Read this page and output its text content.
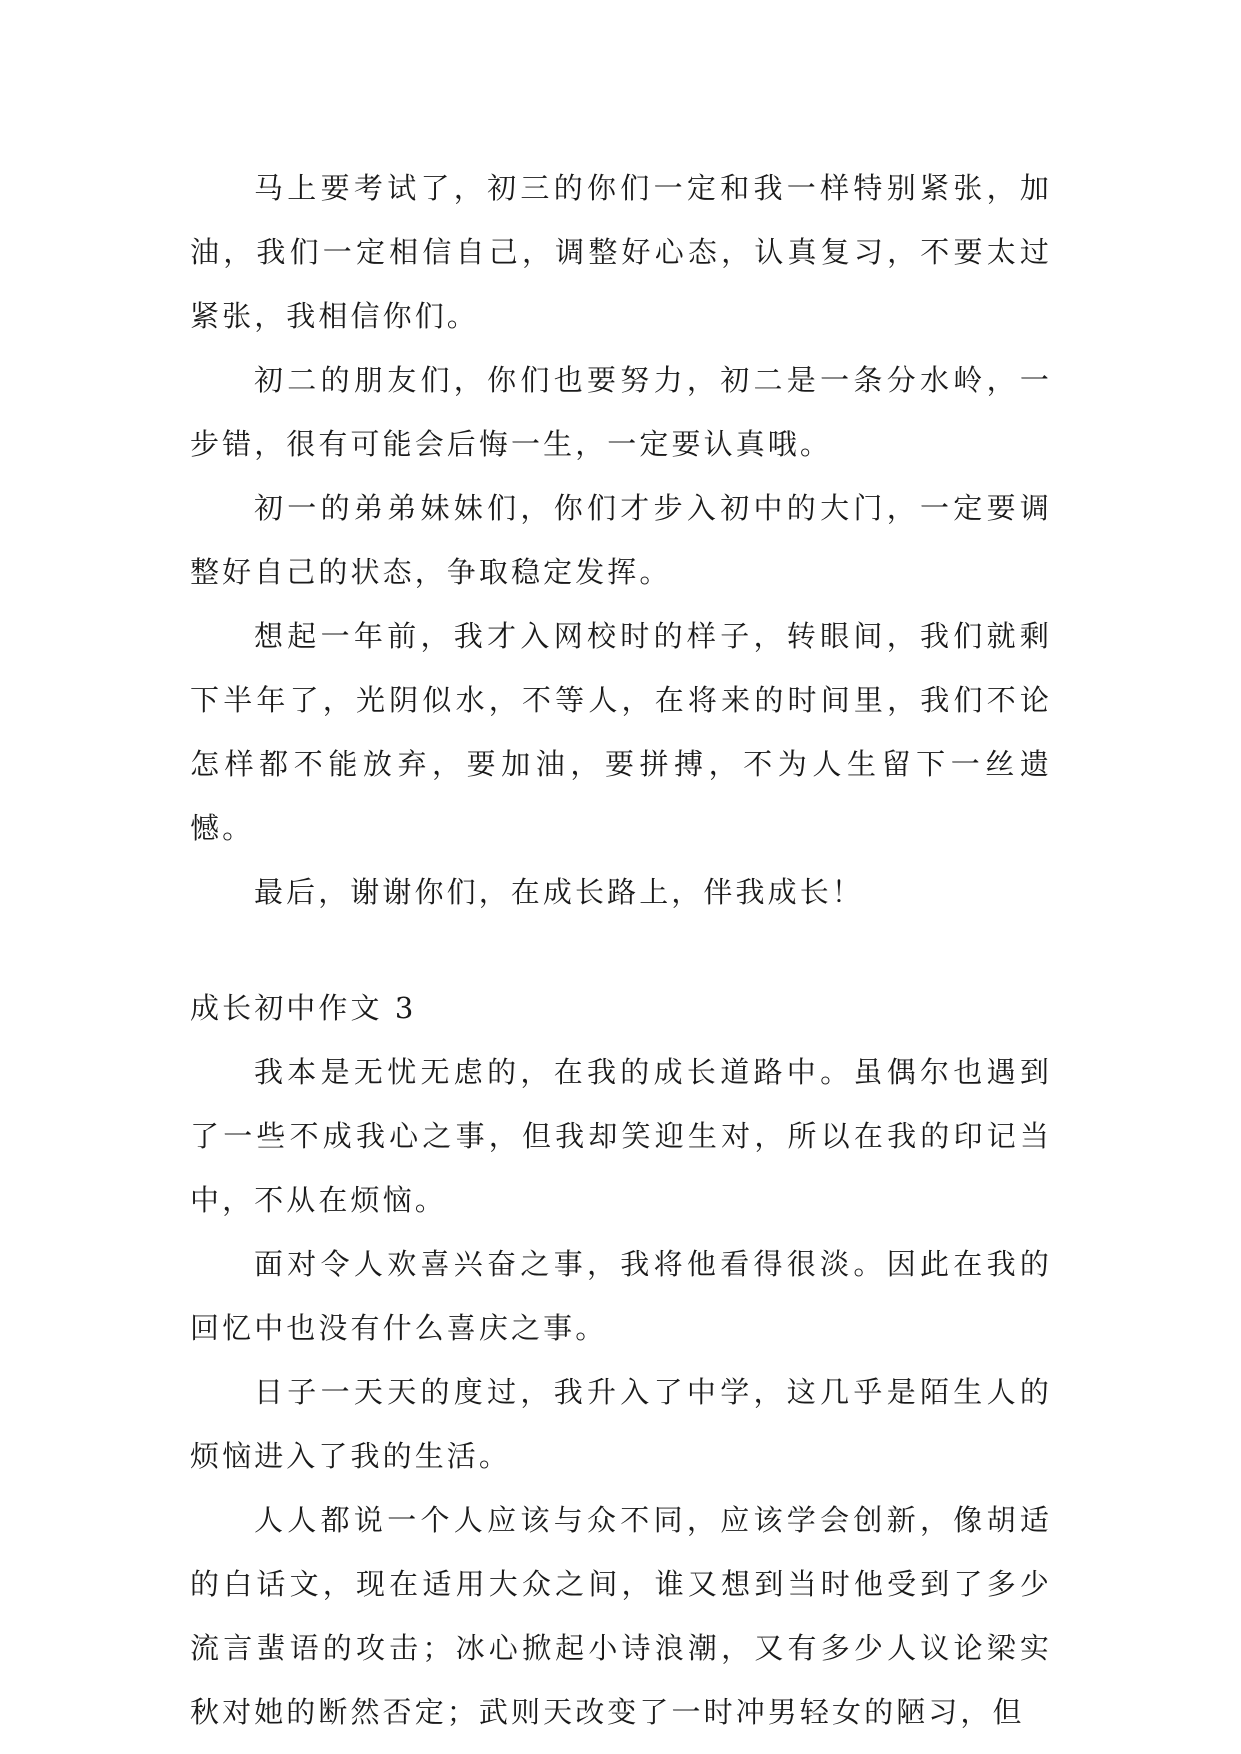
马上要考试了，初三的你们一定和我一样特别紧张，加油，我们一定相信自己，调整好心态，认真复习，不要太过紧张，我相信你们。

初二的朋友们，你们也要努力，初二是一条分水岭，一步错，很有可能会后悔一生，一定要认真哦。

初一的弟弟妹妹们，你们才步入初中的大门，一定要调整好自己的状态，争取稳定发挥。

想起一年前，我才入网校时的样子，转眼间，我们就剩下半年了，光阴似水，不等人，在将来的时间里，我们不论怎样都不能放弃，要加油，要拼搏，不为人生留下一丝遗憾。

最后，谢谢你们，在成长路上，伴我成长！

成长初中作文 3

我本是无忧无虑的，在我的成长道路中。虽偶尔也遇到了一些不成我心之事，但我却笑迎生对，所以在我的印记当中，不从在烦恼。

面对令人欢喜兴奋之事，我将他看得很淡。因此在我的回忆中也没有什么喜庆之事。

日子一天天的度过，我升入了中学，这几乎是陌生人的烦恼进入了我的生活。

人人都说一个人应该与众不同，应该学会创新，像胡适的白话文，现在适用大众之间，谁又想到当时他受到了多少流言蜚语的攻击；冰心掀起小诗浪潮，又有多少人议论梁实秋对她的断然否定；武则天改变了一时冲男轻女的陋习，但
